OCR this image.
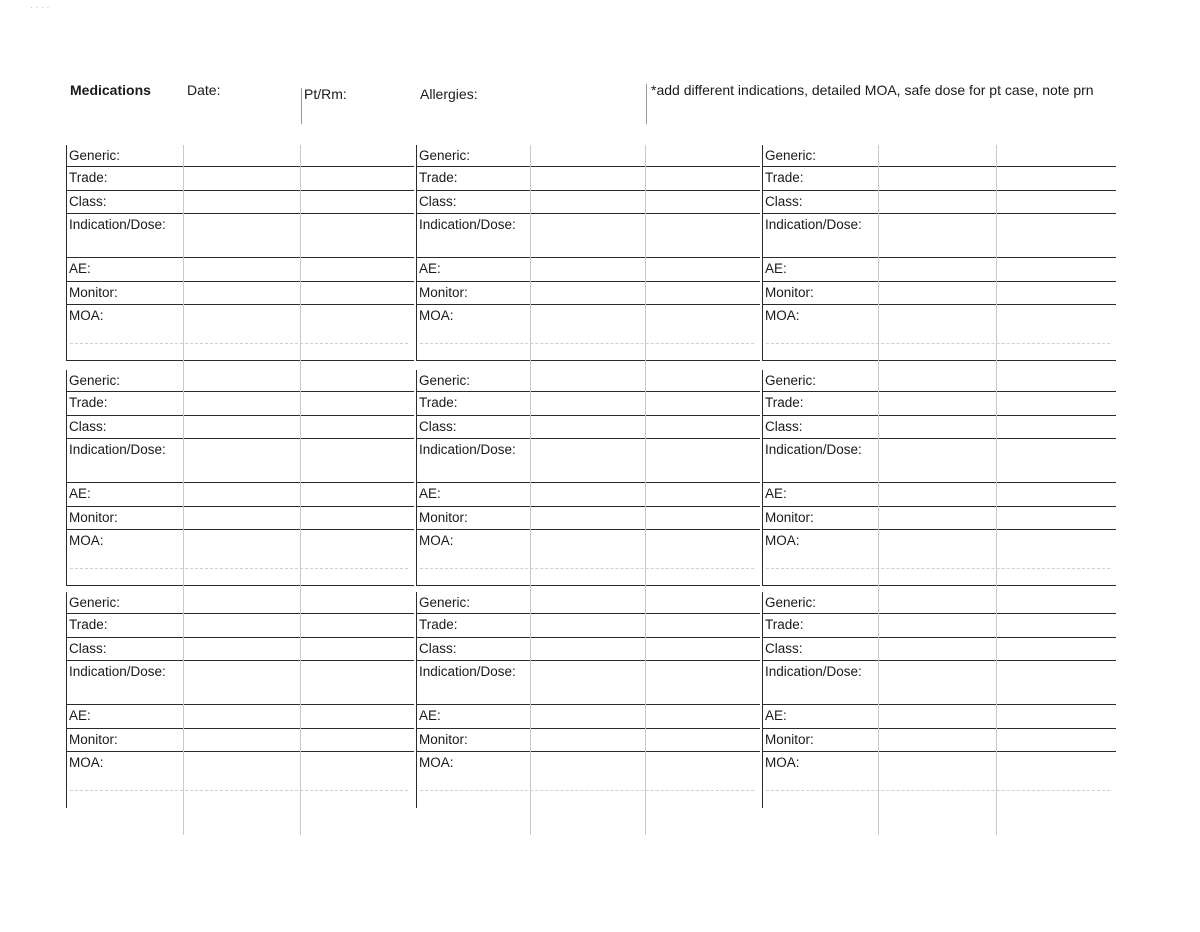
· · · ·
Medications	Date:	Pt/Rm:	Allergies:	*add different indications, detailed MOA, safe dose for pt case, note prn
Generic:
Trade:
Class:
Indication/Dose:
AE:
Monitor:
MOA:
Generic:
Trade:
Class:
Indication/Dose:
AE:
Monitor:
MOA:
Generic:
Trade:
Class:
Indication/Dose:
AE:
Monitor:
MOA:
Generic:
Trade:
Class:
Indication/Dose:
AE:
Monitor:
MOA:
Generic:
Trade:
Class:
Indication/Dose:
AE:
Monitor:
MOA:
Generic:
Trade:
Class:
Indication/Dose:
AE:
Monitor:
MOA:
Generic:
Trade:
Class:
Indication/Dose:
AE:
Monitor:
MOA:
Generic:
Trade:
Class:
Indication/Dose:
AE:
Monitor:
MOA:
Generic:
Trade:
Class:
Indication/Dose:
AE:
Monitor:
MOA:
